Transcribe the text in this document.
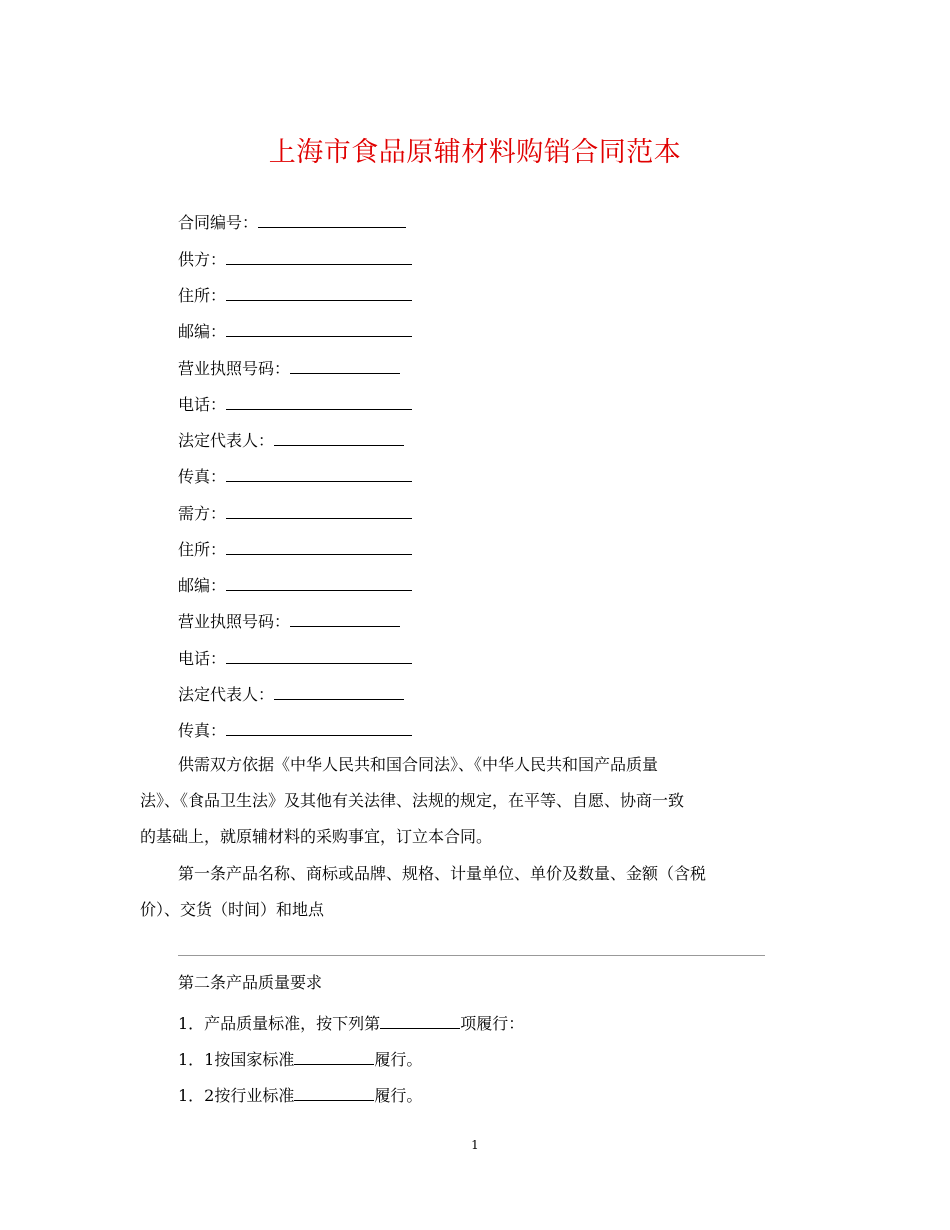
上海市食品原辅材料购销合同范本
合同编号：
供方：
住所：
邮编：
营业执照号码：
电话：
法定代表人：
传真：
需方：
住所：
邮编：
营业执照号码：
电话：
法定代表人：
传真：
供需双方依据《中华人民共和国合同法》、《中华人民共和国产品质量
法》、《食品卫生法》及其他有关法律、法规的规定，在平等、自愿、协商一致
的基础上，就原辅材料的采购事宜，订立本合同。
第一条产品名称、商标或品牌、规格、计量单位、单价及数量、金额（含税
价）、交货（时间）和地点
第二条产品质量要求
1．产品质量标准，按下列第	项履行：
1．1按国家标准	履行。
1．2按行业标准	履行。
1
